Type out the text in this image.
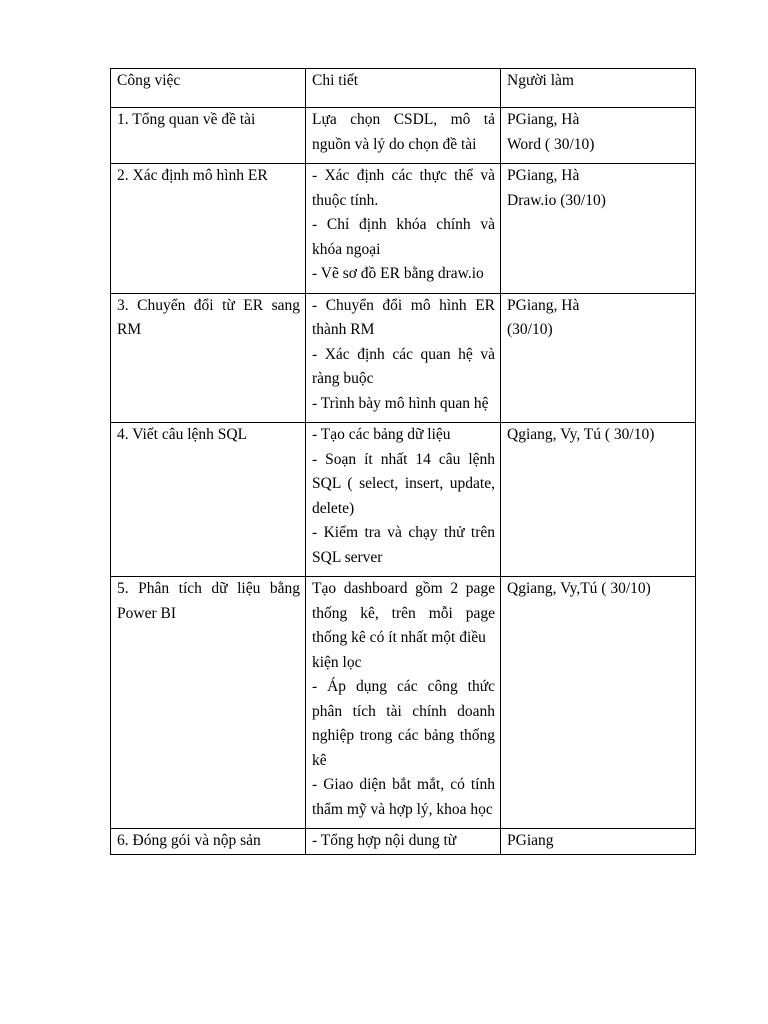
Công việc	Chi tiết	Người làm
1. Tổng quan về đề tài	Lựa chọn CSDL, mô tả nguồn và lý do chọn đề tài	PGiang, Hà
Word ( 30/10)

2. Xác định mô hình ER	- Xác định các thực thể và thuộc tính.
- Chỉ định khóa chính và khóa ngoại
- Vẽ sơ đồ ER bằng draw.io	PGiang, Hà
Draw.io (30/10)

3. Chuyển đổi từ ER sang RM	- Chuyển đổi mô hình ER thành RM
- Xác định các quan hệ và ràng buộc
- Trình bày mô hình quan hệ	PGiang, Hà
(30/10)

4. Viết câu lệnh SQL	- Tạo các bảng dữ liệu
- Soạn ít nhất 14 câu lệnh SQL ( select, insert, update, delete)
- Kiểm tra và chạy thử trên SQL server	Qgiang, Vy, Tú ( 30/10)

5. Phân tích dữ liệu bằng Power BI	Tạo dashboard gồm 2 page thống kê, trên mỗi page thống kê có ít nhất một điều
kiện lọc
- Áp dụng các công thức phân tích tài chính doanh nghiệp trong các bảng thống kê
- Giao diện bắt mắt, có tính thẩm mỹ và hợp lý, khoa học	Qgiang, Vy,Tú ( 30/10)

6. Đóng gói và nộp sản	- Tổng hợp nội dung từ	PGiang
